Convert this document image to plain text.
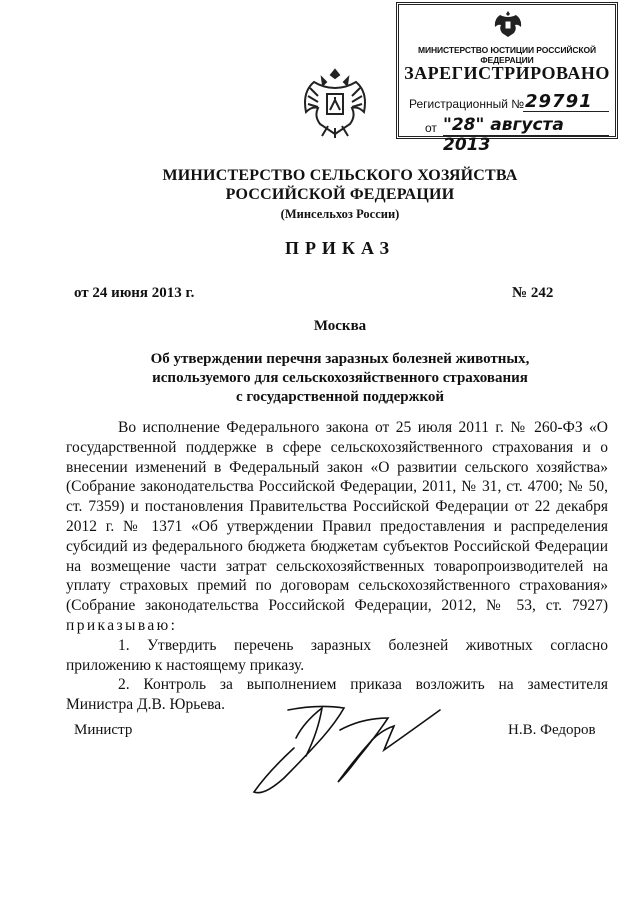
МИНИСТЕРСТВО ЮСТИЦИИ РОССИЙСКОЙ ФЕДЕРАЦИИ
ЗАРЕГИСТРИРОВАНО
Регистрационный № 29791
от "28" августа 2013
МИНИСТЕРСТВО СЕЛЬСКОГО ХОЗЯЙСТВА
РОССИЙСКОЙ ФЕДЕРАЦИИ
(Минсельхоз России)
ПРИКАЗ
от 24 июня 2013 г.	№ 242
Москва
Об утверждении перечня заразных болезней животных,
используемого для сельскохозяйственного страхования
с государственной поддержкой

Во исполнение Федерального закона от 25 июля 2011 г. № 260-ФЗ «О государственной поддержке в сфере сельскохозяйственного страхования и о внесении изменений в Федеральный закон «О развитии сельского хозяйства» (Собрание законодательства Российской Федерации, 2011, № 31, ст. 4700; № 50, ст. 7359) и постановления Правительства Российской Федерации от 22 декабря 2012 г. № 1371 «Об утверждении Правил предоставления и распределения субсидий из федерального бюджета бюджетам субъектов Российской Федерации на возмещение части затрат сельскохозяйственных товаропроизводителей на уплату страховых премий по договорам сельскохозяйственного страхования» (Собрание законодательства Российской Федерации, 2012, № 53, ст. 7927) приказываю:

1. Утвердить перечень заразных болезней животных согласно приложению к настоящему приказу.

2. Контроль за выполнением приказа возложить на заместителя Министра Д.В. Юрьева.

Министр	Н.В. Федоров
